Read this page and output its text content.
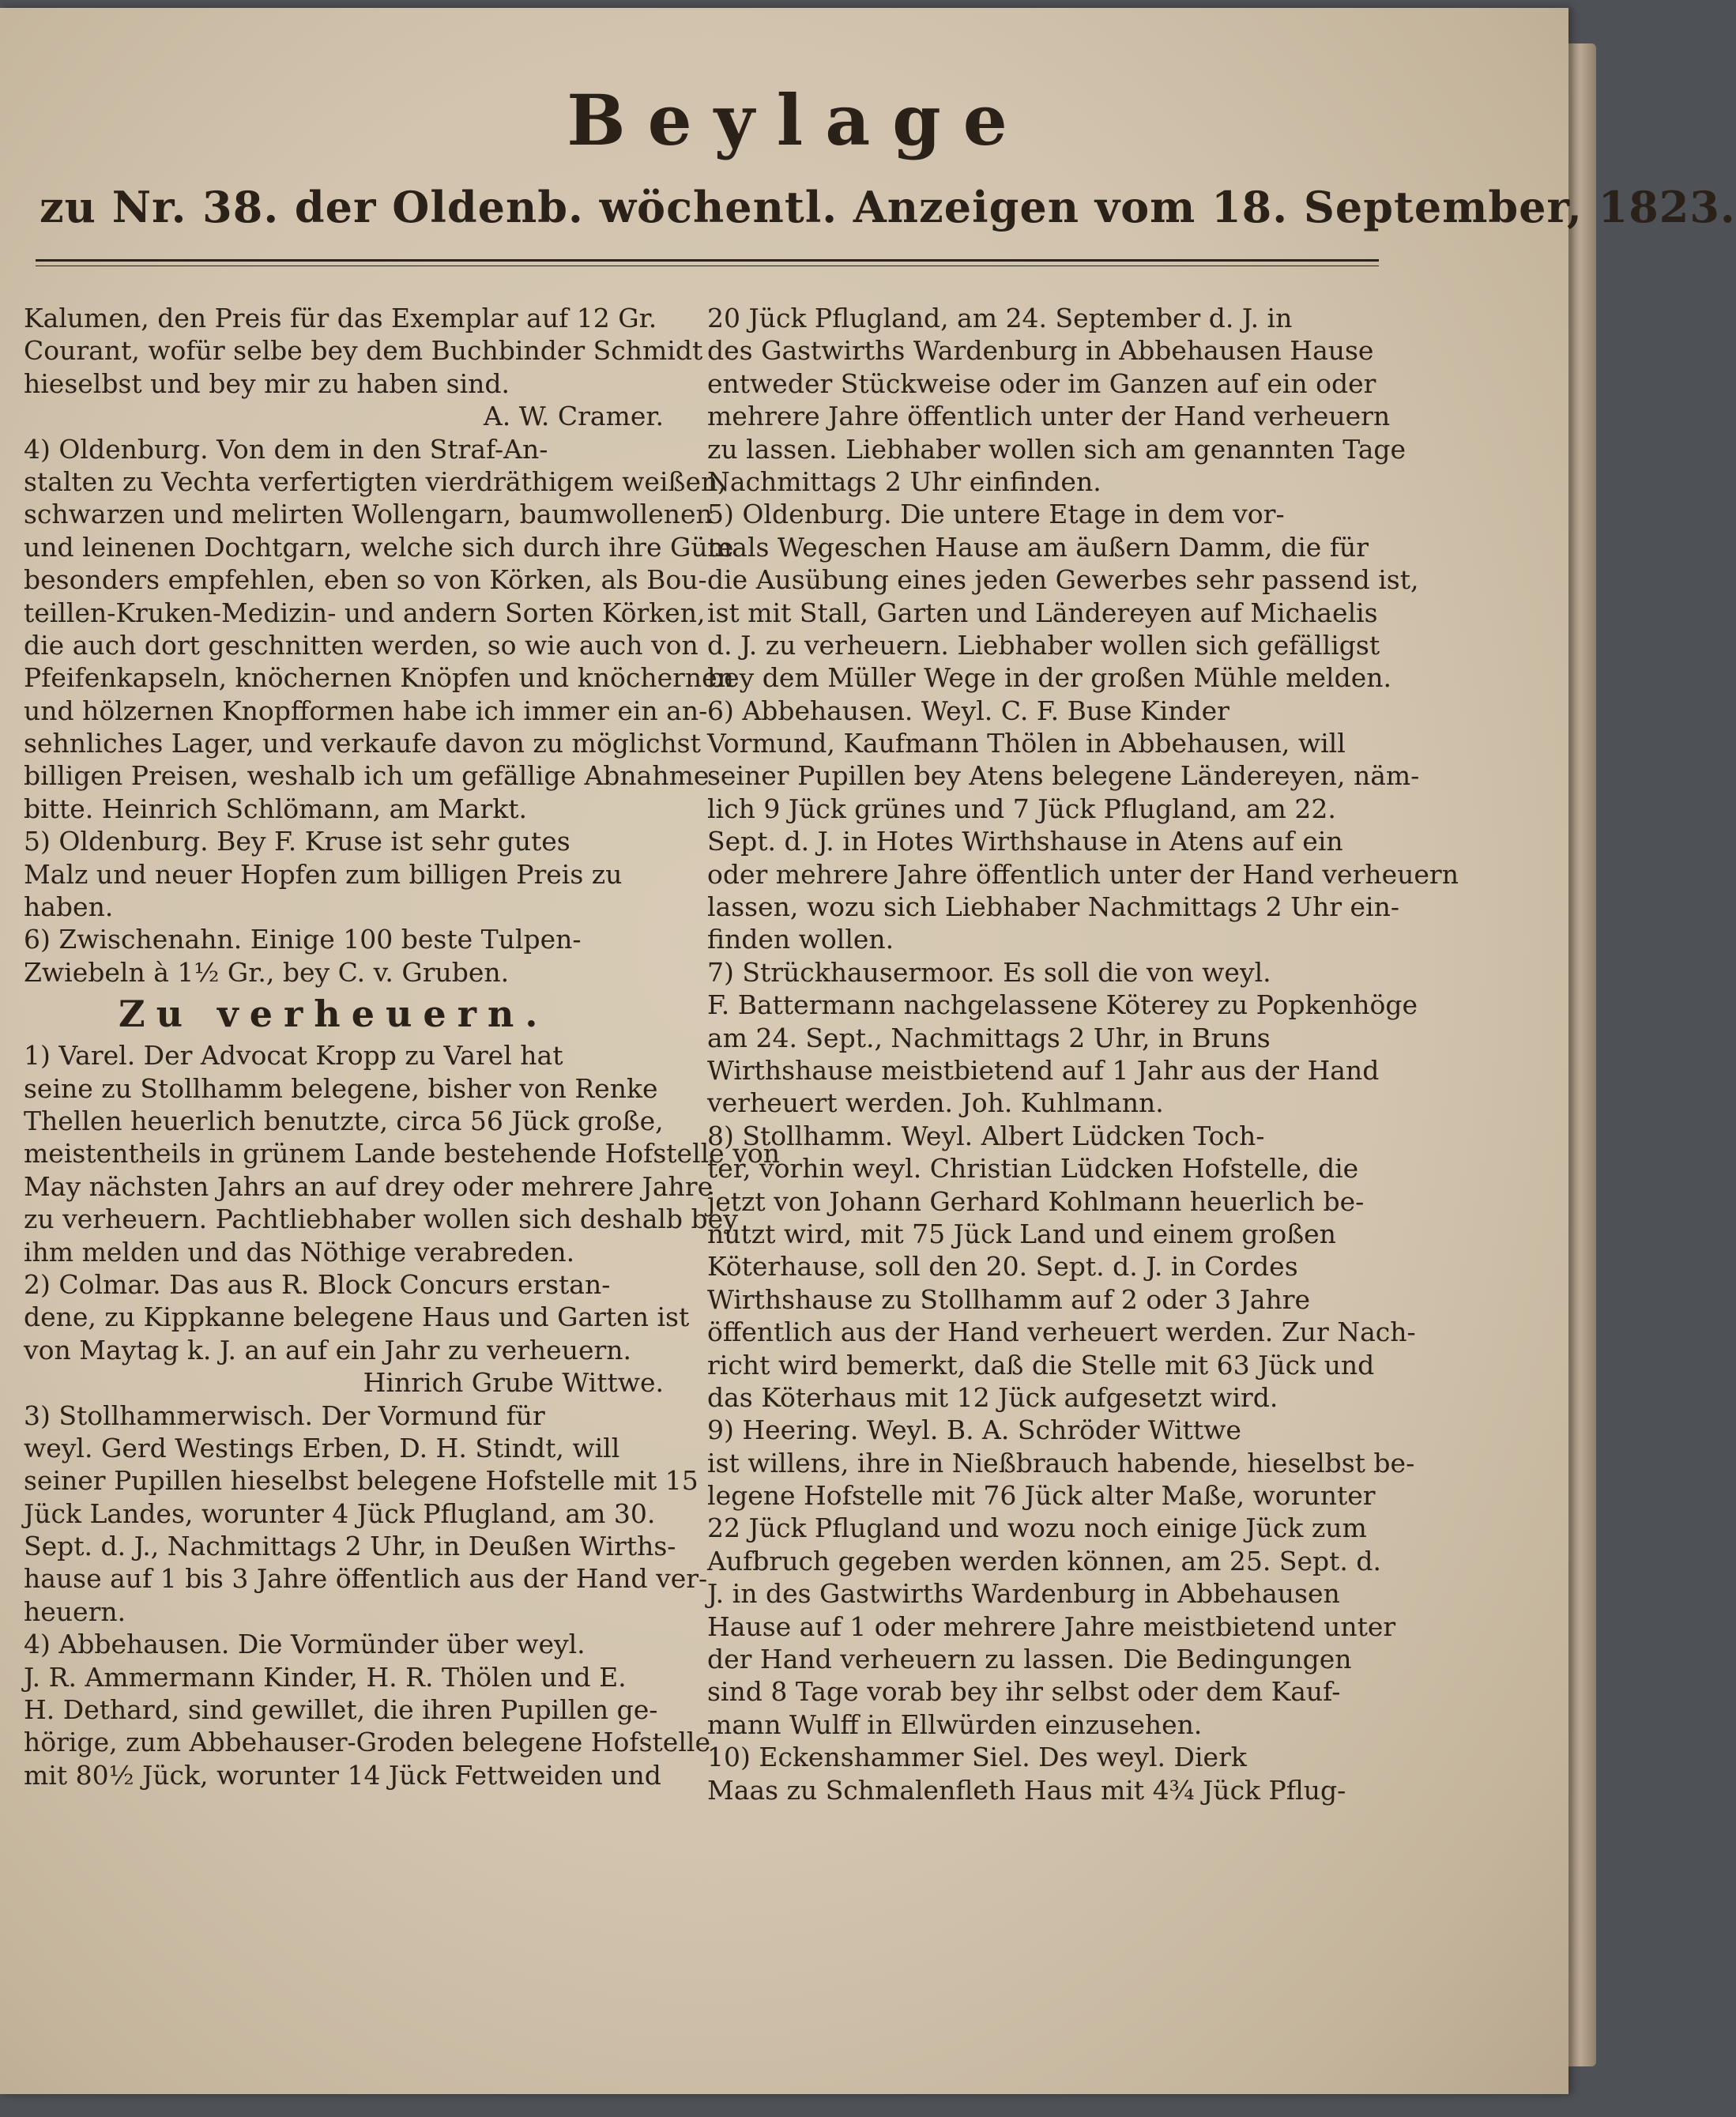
Beylage
zu Nr. 38. der Oldenb. wöchentl. Anzeigen vom 18. September, 1823.
Kalumen, den Preis für das Exemplar auf 12 Gr.
Courant, wofür selbe bey dem Buchbinder Schmidt
hieselbst und bey mir zu haben sind.
A. W. Cramer.
4) Oldenburg. Von dem in den Straf-An-
stalten zu Vechta verfertigten vierdräthigem weißen,
schwarzen und melirten Wollengarn, baumwollenen
und leinenen Dochtgarn, welche sich durch ihre Güte
besonders empfehlen, eben so von Körken, als Bou-
teillen-Kruken-Medizin- und andern Sorten Körken,
die auch dort geschnitten werden, so wie auch von
Pfeifenkapseln, knöchernen Knöpfen und knöchernen
und hölzernen Knopfformen habe ich immer ein an-
sehnliches Lager, und verkaufe davon zu möglichst
billigen Preisen, weshalb ich um gefällige Abnahme
bitte. Heinrich Schlömann, am Markt.
5) Oldenburg. Bey F. Kruse ist sehr gutes
Malz und neuer Hopfen zum billigen Preis zu
haben.
6) Zwischenahn. Einige 100 beste Tulpen-
Zwiebeln à 1½ Gr., bey C. v. Gruben.
Zu verheuern.
1) Varel. Der Advocat Kropp zu Varel hat
seine zu Stollhamm belegene, bisher von Renke
Thellen heuerlich benutzte, circa 56 Jück große,
meistentheils in grünem Lande bestehende Hofstelle von
May nächsten Jahrs an auf drey oder mehrere Jahre
zu verheuern. Pachtliebhaber wollen sich deshalb bey
ihm melden und das Nöthige verabreden.
2) Colmar. Das aus R. Block Concurs erstan-
dene, zu Kippkanne belegene Haus und Garten ist
von Maytag k. J. an auf ein Jahr zu verheuern.
Hinrich Grube Wittwe.
3) Stollhammerwisch. Der Vormund für
weyl. Gerd Westings Erben, D. H. Stindt, will
seiner Pupillen hieselbst belegene Hofstelle mit 15
Jück Landes, worunter 4 Jück Pflugland, am 30.
Sept. d. J., Nachmittags 2 Uhr, in Deußen Wirths-
hause auf 1 bis 3 Jahre öffentlich aus der Hand ver-
heuern.
4) Abbehausen. Die Vormünder über weyl.
J. R. Ammermann Kinder, H. R. Thölen und E.
H. Dethard, sind gewillet, die ihren Pupillen ge-
hörige, zum Abbehauser-Groden belegene Hofstelle
mit 80½ Jück, worunter 14 Jück Fettweiden und
20 Jück Pflugland, am 24. September d. J. in
des Gastwirths Wardenburg in Abbehausen Hause
entweder Stückweise oder im Ganzen auf ein oder
mehrere Jahre öffentlich unter der Hand verheuern
zu lassen. Liebhaber wollen sich am genannten Tage
Nachmittags 2 Uhr einfinden.
5) Oldenburg. Die untere Etage in dem vor-
mals Wegeschen Hause am äußern Damm, die für
die Ausübung eines jeden Gewerbes sehr passend ist,
ist mit Stall, Garten und Ländereyen auf Michaelis
d. J. zu verheuern. Liebhaber wollen sich gefälligst
bey dem Müller Wege in der großen Mühle melden.
6) Abbehausen. Weyl. C. F. Buse Kinder
Vormund, Kaufmann Thölen in Abbehausen, will
seiner Pupillen bey Atens belegene Ländereyen, näm-
lich 9 Jück grünes und 7 Jück Pflugland, am 22.
Sept. d. J. in Hotes Wirthshause in Atens auf ein
oder mehrere Jahre öffentlich unter der Hand verheuern
lassen, wozu sich Liebhaber Nachmittags 2 Uhr ein-
finden wollen.
7) Strückhausermoor. Es soll die von weyl.
F. Battermann nachgelassene Köterey zu Popkenhöge
am 24. Sept., Nachmittags 2 Uhr, in Bruns
Wirthshause meistbietend auf 1 Jahr aus der Hand
verheuert werden. Joh. Kuhlmann.
8) Stollhamm. Weyl. Albert Lüdcken Toch-
ter, vorhin weyl. Christian Lüdcken Hofstelle, die
jetzt von Johann Gerhard Kohlmann heuerlich be-
nutzt wird, mit 75 Jück Land und einem großen
Köterhause, soll den 20. Sept. d. J. in Cordes
Wirthshause zu Stollhamm auf 2 oder 3 Jahre
öffentlich aus der Hand verheuert werden. Zur Nach-
richt wird bemerkt, daß die Stelle mit 63 Jück und
das Köterhaus mit 12 Jück aufgesetzt wird.
9) Heering. Weyl. B. A. Schröder Wittwe
ist willens, ihre in Nießbrauch habende, hieselbst be-
legene Hofstelle mit 76 Jück alter Maße, worunter
22 Jück Pflugland und wozu noch einige Jück zum
Aufbruch gegeben werden können, am 25. Sept. d.
J. in des Gastwirths Wardenburg in Abbehausen
Hause auf 1 oder mehrere Jahre meistbietend unter
der Hand verheuern zu lassen. Die Bedingungen
sind 8 Tage vorab bey ihr selbst oder dem Kauf-
mann Wulff in Ellwürden einzusehen.
10) Eckenshammer Siel. Des weyl. Dierk
Maas zu Schmalenfleth Haus mit 4¾ Jück Pflug-
